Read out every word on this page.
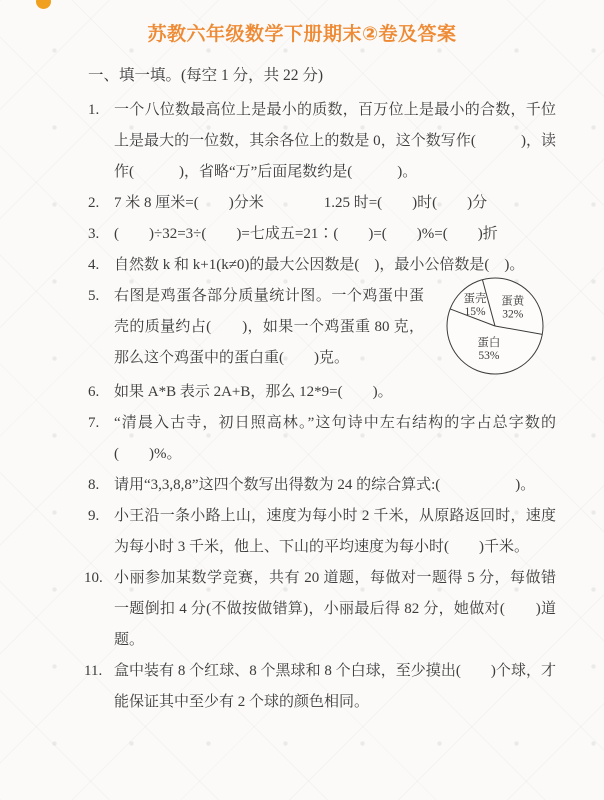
苏教六年级数学下册期末②卷及答案
一、填一填。(每空 1 分，共 22 分)
1. 一个八位数最高位上是最小的质数，百万位上是最小的合数，千位上是最大的一位数，其余各位上的数是 0，这个数写作(　　　)，读作(　　　)，省略“万”后面尾数约是(　　　)。
2. 7 米 8 厘米=(　　)分米　　　　1.25 时=(　　)时(　　)分
3. (　　)÷32=3÷(　　)=七成五=21∶(　　)=(　　)%=(　　)折
4. 自然数 k 和 k+1(k≠0)的最大公因数是(　)，最小公倍数是(　)。
5.	蛋壳 15%
蛋黄 32%
蛋白 53%
右图是鸡蛋各部分质量统计图。一个鸡蛋中蛋壳的质量约占(　　)，如果一个鸡蛋重 80 克，那么这个鸡蛋中的蛋白重(　　)克。
6. 如果 A*B 表示 2A+B，那么 12*9=(　　)。
7. “清晨入古寺，初日照高林。”这句诗中左右结构的字占总字数的(　　)%。
8. 请用“3,3,8,8”这四个数写出得数为 24 的综合算式:(　　　　　)。
9. 小王沿一条小路上山，速度为每小时 2 千米，从原路返回时，速度为每小时 3 千米，他上、下山的平均速度为每小时(　　)千米。
10. 小丽参加某数学竞赛，共有 20 道题，每做对一题得 5 分，每做错一题倒扣 4 分(不做按做错算)，小丽最后得 82 分，她做对(　　)道题。
11. 盒中装有 8 个红球、8 个黑球和 8 个白球，至少摸出(　　)个球，才能保证其中至少有 2 个球的颜色相同。
